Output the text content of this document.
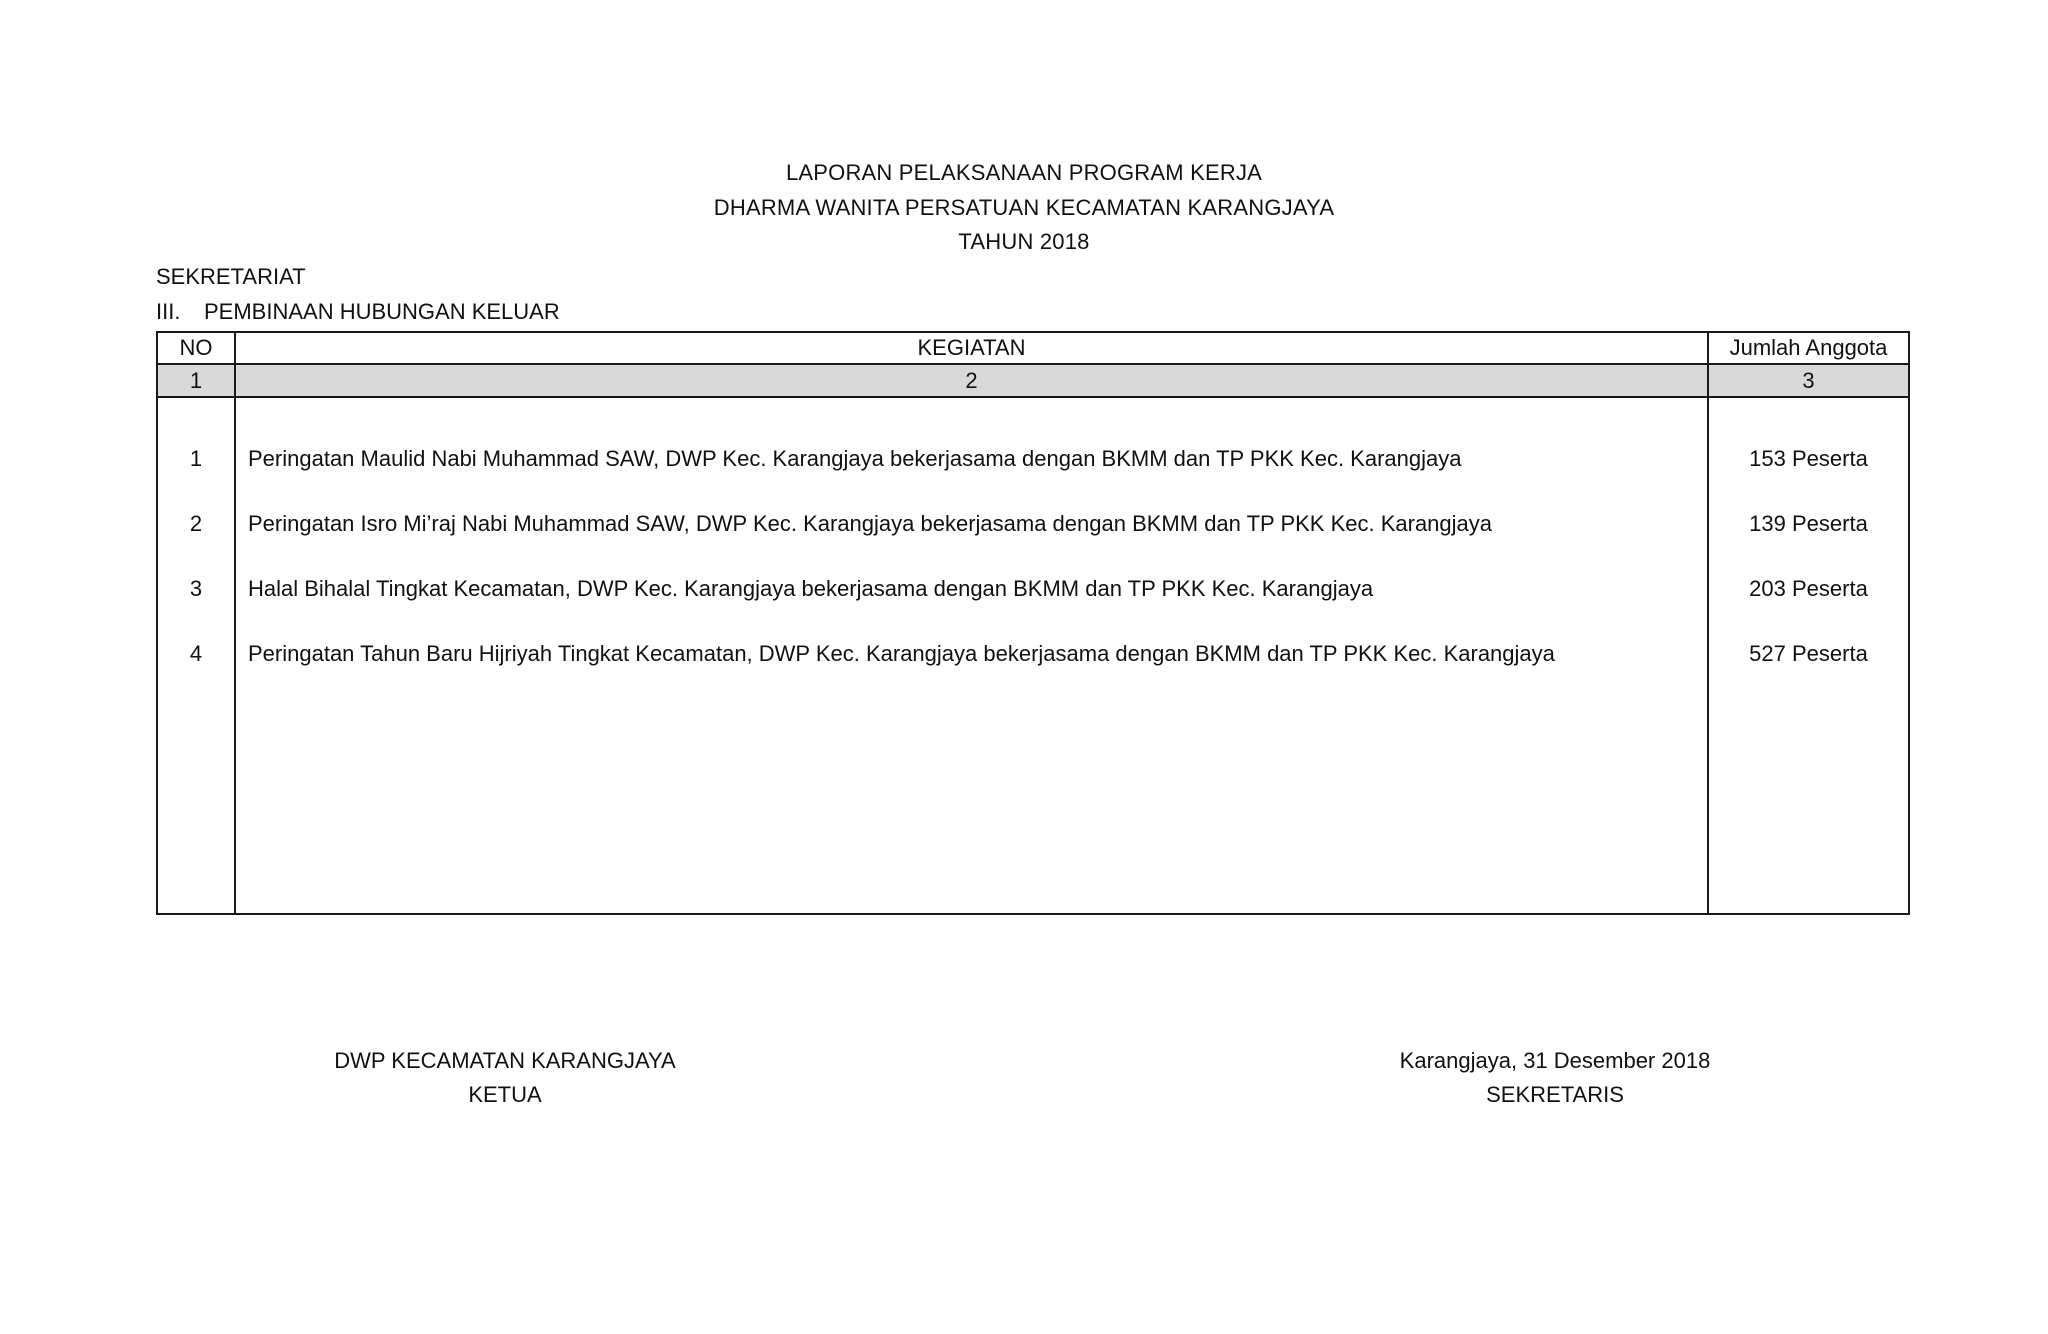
LAPORAN PELAKSANAAN PROGRAM KERJA
DHARMA WANITA PERSATUAN KECAMATAN KARANGJAYA
TAHUN 2018
SEKRETARIAT
III. PEMBINAAN HUBUNGAN KELUAR
NO	KEGIATAN	Jumlah Anggota
1	2	3
1	Peringatan Maulid Nabi Muhammad SAW, DWP Kec. Karangjaya bekerjasama dengan BKMM dan TP PKK Kec. Karangjaya	153 Peserta
2	Peringatan Isro Mi’raj Nabi Muhammad SAW, DWP Kec. Karangjaya bekerjasama dengan BKMM dan TP PKK Kec. Karangjaya	139 Peserta
3	Halal Bihalal Tingkat Kecamatan, DWP Kec. Karangjaya bekerjasama dengan BKMM dan TP PKK Kec. Karangjaya	203 Peserta
4	Peringatan Tahun Baru Hijriyah Tingkat Kecamatan, DWP Kec. Karangjaya bekerjasama dengan BKMM dan TP PKK Kec. Karangjaya	527 Peserta
DWP KECAMATAN KARANGJAYA
KETUA
Karangjaya, 31 Desember 2018
SEKRETARIS
